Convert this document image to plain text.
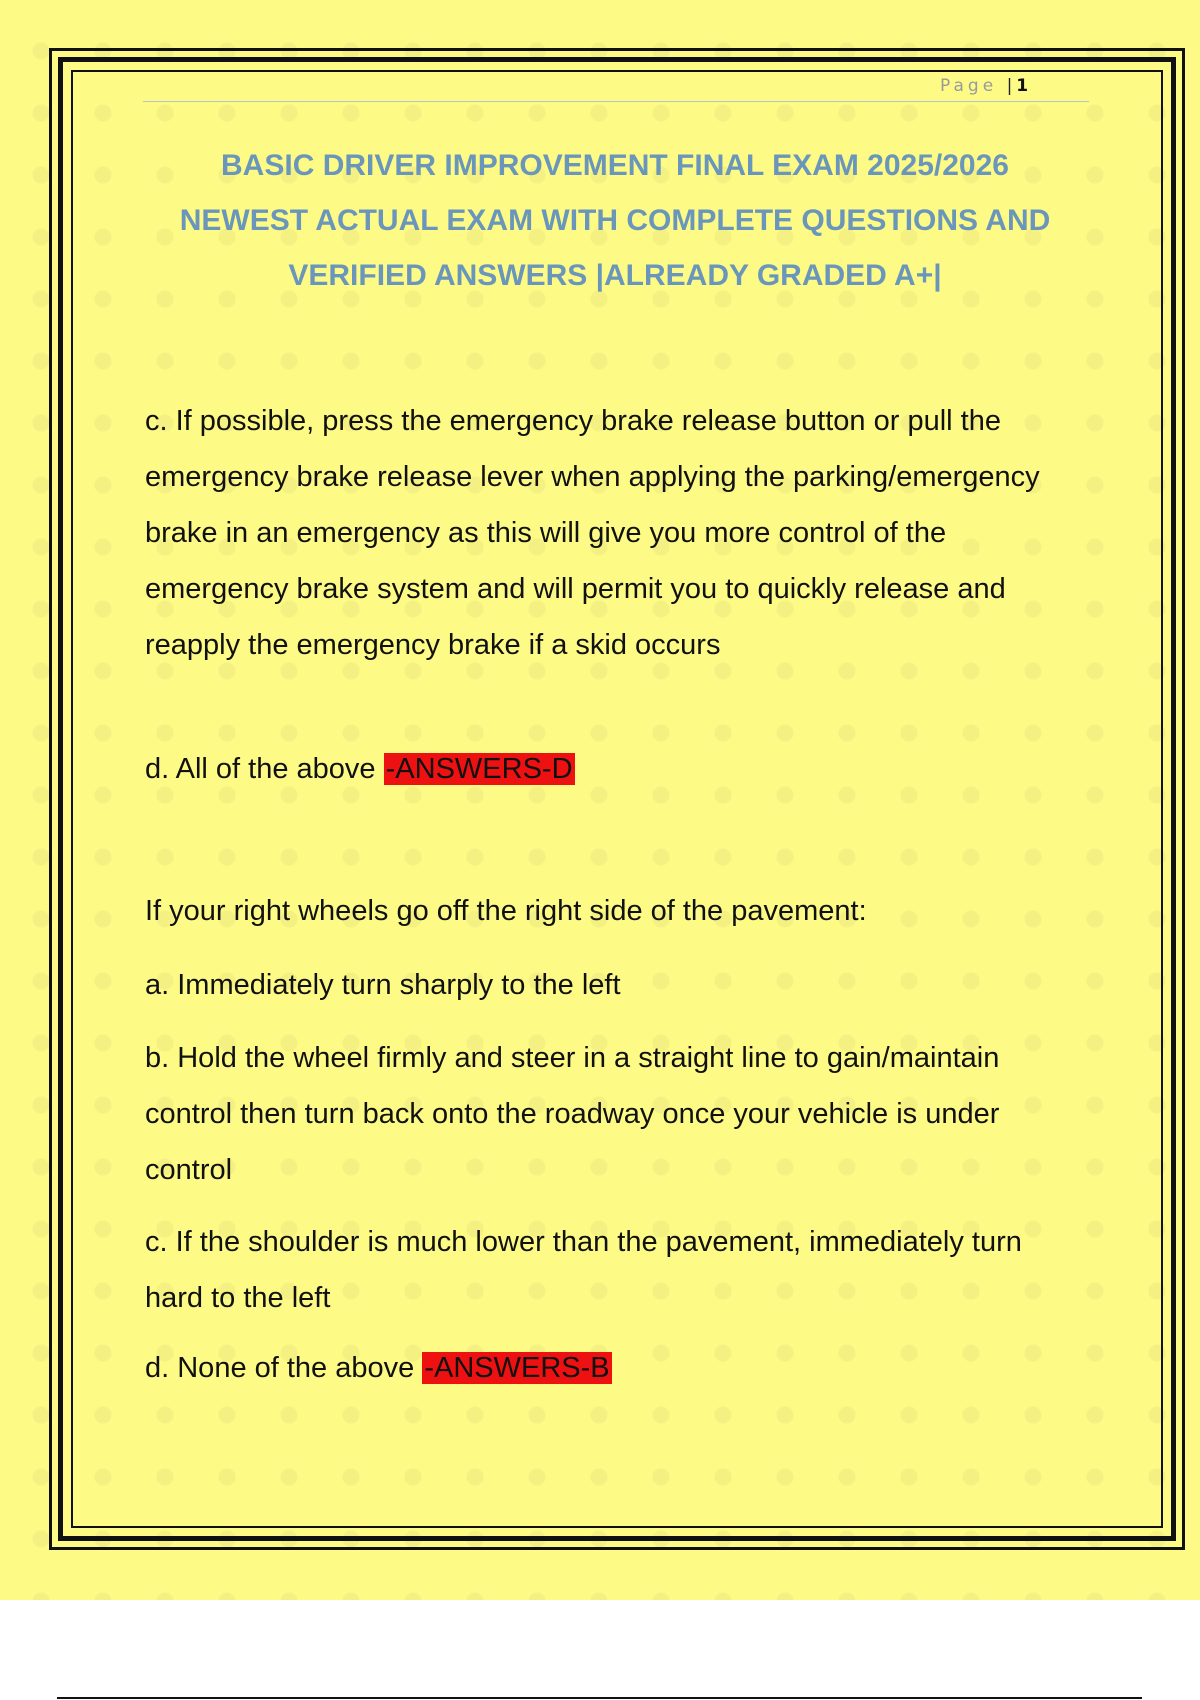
Page | 1
BASIC DRIVER IMPROVEMENT FINAL EXAM 2025/2026
NEWEST ACTUAL EXAM WITH COMPLETE QUESTIONS AND
VERIFIED ANSWERS |ALREADY GRADED A+|
c. If possible, press the emergency brake release button or pull the emergency brake release lever when applying the parking/emergency brake in an emergency as this will give you more control of the emergency brake system and will permit you to quickly release and reapply the emergency brake if a skid occurs
d. All of the above -ANSWERS-D
If your right wheels go off the right side of the pavement:
a. Immediately turn sharply to the left
b. Hold the wheel firmly and steer in a straight line to gain/maintain control then turn back onto the roadway once your vehicle is under control
c. If the shoulder is much lower than the pavement, immediately turn hard to the left
d. None of the above -ANSWERS-B
